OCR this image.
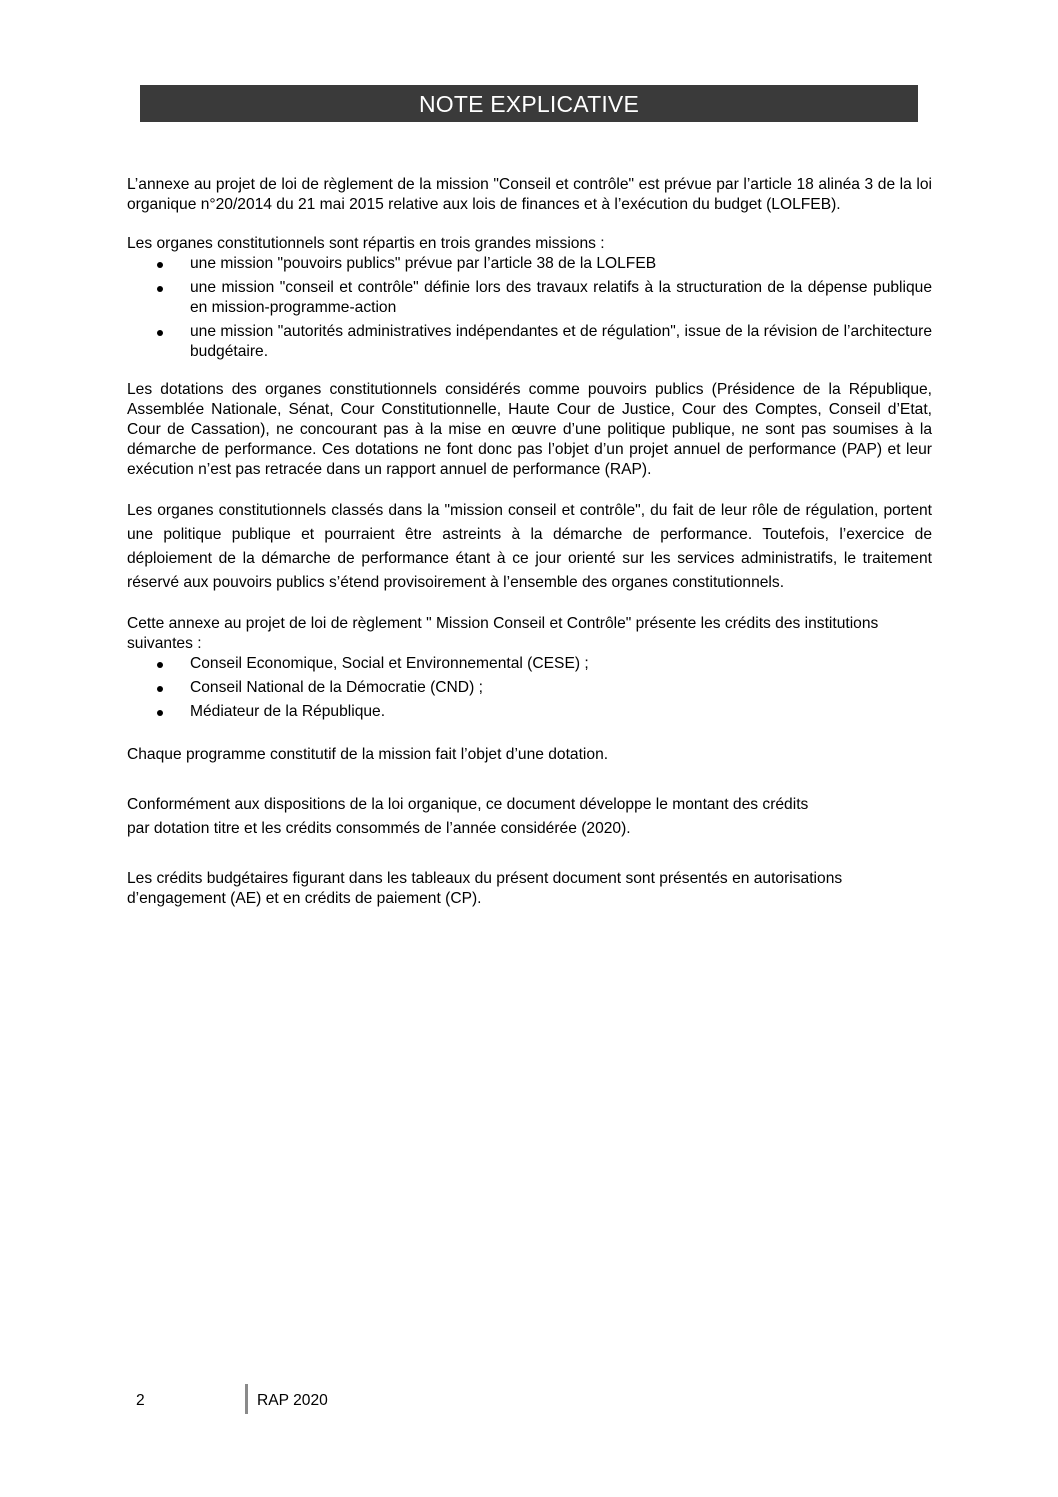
NOTE EXPLICATIVE

L’annexe au projet de loi de règlement de la mission "Conseil et contrôle" est prévue par l’article 18 alinéa 3 de la loi organique n°20/2014 du 21 mai 2015 relative aux lois de finances et à l’exécution du budget (LOLFEB).

Les organes constitutionnels sont répartis en trois grandes missions :

une mission "pouvoirs publics" prévue par l’article 38 de la LOLFEB
une mission "conseil et contrôle" définie lors des travaux relatifs à la structuration de la dépense publique en mission-programme-action
une mission "autorités administratives indépendantes et de régulation", issue de la révision de l’architecture budgétaire.

Les dotations des organes constitutionnels considérés comme pouvoirs publics (Présidence de la République, Assemblée Nationale, Sénat, Cour Constitutionnelle, Haute Cour de Justice, Cour des Comptes, Conseil d’Etat, Cour de Cassation), ne concourant pas à la mise en œuvre d’une politique publique, ne sont pas soumises à la démarche de performance. Ces dotations ne font donc pas l’objet d’un projet annuel de performance (PAP) et leur exécution n’est pas retracée dans un rapport annuel de performance (RAP).

Les organes constitutionnels classés dans la "mission conseil et contrôle", du fait de leur rôle de régulation, portent une politique publique et pourraient être astreints à la démarche de performance. Toutefois, l’exercice de déploiement de la démarche de performance étant à ce jour orienté sur les services administratifs, le traitement réservé aux pouvoirs publics s’étend provisoirement à l’ensemble des organes constitutionnels.

Cette annexe au projet de loi de règlement " Mission Conseil et Contrôle" présente les crédits des institutions suivantes :

Conseil Economique, Social et Environnemental (CESE) ;
Conseil National de la Démocratie (CND) ;
Médiateur de la République.

Chaque programme constitutif de la mission fait l’objet d’une dotation.

Conformément aux dispositions de la loi organique, ce document développe le montant des crédits

par dotation titre et les crédits consommés de l’année considérée (2020).

Les crédits budgétaires figurant dans les tableaux du présent document sont présentés en autorisations d’engagement (AE) et en crédits de paiement (CP).

2	RAP 2020
